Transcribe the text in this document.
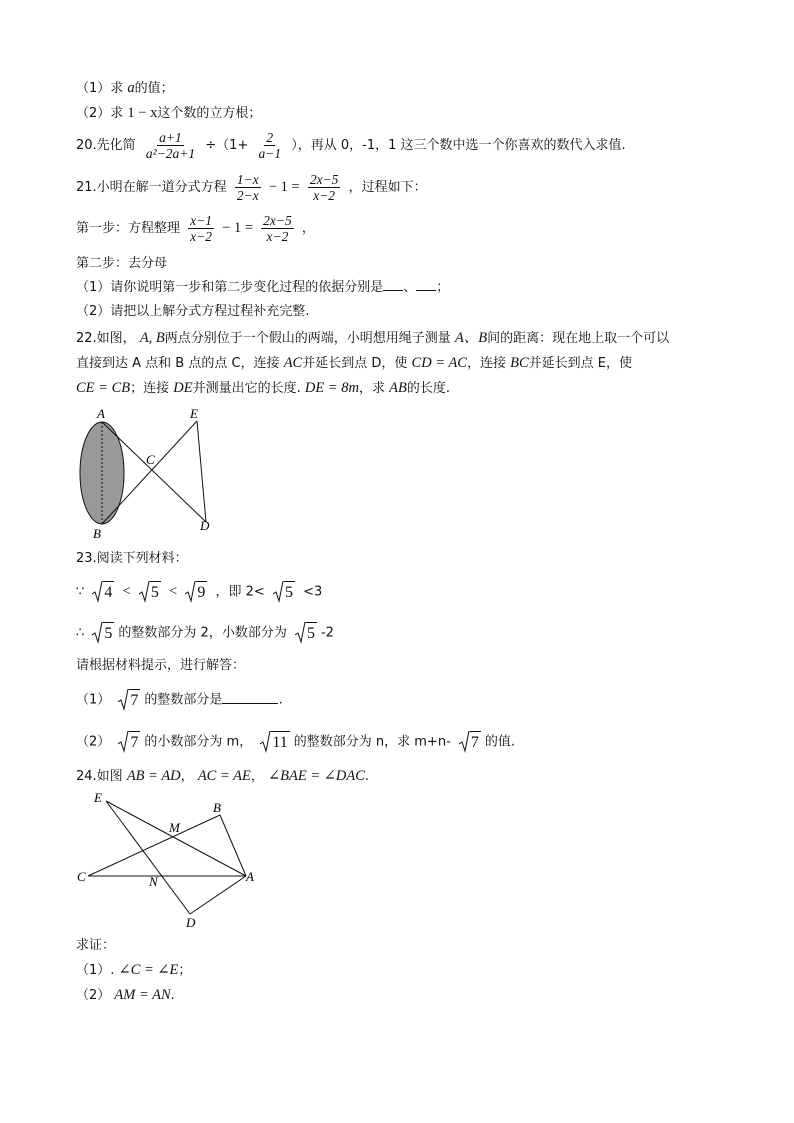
（1）求 a的值；
（2）求 1 − x这个数的立方根；
20.先化简 $\frac{a+1}{\text{a²−2a+1}} \div(1+ \frac{2}{a-1}$ ），再从 0，-1，1 这三个数中选一个你喜欢的数代入求值.
21.小明在解一道分式方程 $\frac{1-x}{2-x} - 1 = \frac{2x-5}{x-2}$ ，过程如下：
第一步：方程整理 $\frac{x-1}{x-2} - 1 = \frac{2x-5}{x-2}$ ，
第二步：去分母
（1）请你说明第一步和第二步变化过程的依据分别是 、 ；
（2）请把以上解分式方程过程补充完整.
22.如图， A, B两点分别位于一个假山的两端，小明想用绳子测量 A、B间的距离：现在地上取一个可以
直接到达 A 点和 B 点的点 C，连接 AC并延长到点 D，使 CD = AC，连接 BC并延长到点 E，使
CE = CB；连接 DE并测量出它的长度. DE = 8m，求 AB的长度.
A
B
C
D
E
23.阅读下列材料：
∵ 4 < 5 < 9 ，即 2< 5 <3
∴ 5 的整数部分为 2，小数部分为 5 -2
请根据材料提示，进行解答：
（1） 7 的整数部分是	.
（2） 7 的小数部分为 m， 11 的整数部分为 n，求 m+n- 7 的值.
24.如图 AB = AD， AC = AE， ∠BAE = ∠DAC.
E
B
M
C	N	A
D
求证：
（1）. ∠C = ∠E；
（2） AM = AN.
